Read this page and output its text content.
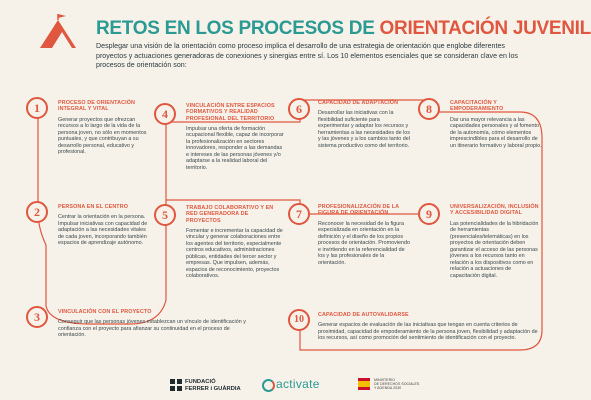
RETOS EN LOS PROCESOS DE ORIENTACIÓN JUVENIL
Desplegar una visión de la orientación como proceso implica el desarrollo de una estrategia de orientación que englobe diferentes proyectos y actuaciones generadoras de conexiones y sinergias entre sí. Los 10 elementos esenciales que se consideran clave en los procesos de orientación son:
1	PROCESO DE ORIENTACIÓN INTEGRAL Y VITAL

Generar proyectos que ofrezcan recursos a lo largo de la vida de la persona joven, no sólo en momentos puntuales, y que contribuyan a su desarrollo personal, educativo y profesional.

2	PERSONA EN EL CENTRO

Centrar la orientación en la persona. Impulsar iniciativas con capacidad de adaptación a las necesidades vitales de cada joven, incorporando también espacios de aprendizaje autónomo.

3	VINCULACIÓN CON EL PROYECTO

Conseguir que las personas jóvenes establezcan un vínculo de identificación y confianza con el proyecto para afianzar su continuidad en el proceso de orientación.

4
VINCULACIÓN ENTRE ESPACIOS FORMATIVOS Y REALIDAD PROFESIONAL DEL TERRITORIO

Impulsar una oferta de formación ocupacional flexible, capaz de incorporar la profesionalización en sectores innovadores, responder a las demandas e intereses de las personas jóvenes y/o adaptarse a la realidad laboral del territorio.

5	TRABAJO COLABORATIVO Y EN RED GENERADORA DE PROYECTOS

Fomentar e incrementar la capacidad de vincular y generar colaboraciones entre los agentes del territorio, especialmente centros educativos, administraciones públicas, entidades del tercer sector y empresas. Que impulsen, además, espacios de reconocimiento, proyectos colaborativos.

6	CAPACIDAD DE ADAPTACIÓN

Desarrollar las iniciativas con la flexibilidad suficiente para experimentar y adaptar los recursos y herramientas a las necesidades de los y las jóvenes y a los cambios tanto del sistema productivo como del territorio.

7	PROFESIONALIZACIÓN DE LA FIGURA DE ORIENTACIÓN

Reconocer la necesidad de la figura especializada en orientación en la definición y el diseño de los propios procesos de orientación. Promoviendo e invirtiendo en la referencialidad de los y las profesionales de la orientación.

8	CAPACITACIÓN Y EMPODERAMIENTO

Dar una mayor relevancia a las capacidades personales y al fomento de la autonomía, cómo elementos imprescindibles para el desarrollo de un itinerario formativo y laboral propio.

9	UNIVERSALIZACIÓN, INCLUSIÓN Y ACCESIBILIDAD DIGITAL

Las potencialidades de la hibridación de herramientas (presenciales/telemáticas) en los proyectos de orientación deben garantizar el acceso de las personas jóvenes a los recursos tanto en relación a los dispositivos como en relación a actuaciones de capacitación digital.

10	CAPACIDAD DE AUTOVALIDARSE

Generar espacios de evaluación de las iniciativas que tengan en cuenta criterios de proximidad, capacidad de empoderamiento de la persona joven, flexibilidad y adaptación de los recursos, así como promoción del sentimiento de identificación con el proyecto.

FUNDACIÓ
FERRER i GUÀRDIA	activate	MINISTERIO
DE DERECHOS SOCIALES
Y AGENDA 2030
